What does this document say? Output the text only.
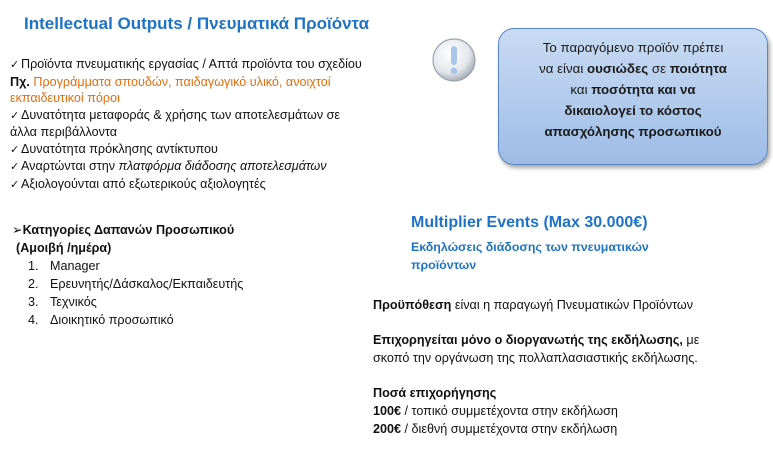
Intellectual Outputs / Πνευματικά Προϊόντα
✓ Προϊόντα πνευματικής εργασίας / Απτά προϊόντα του σχεδίου
Πχ. Προγράμματα σπουδών, παιδαγωγικό υλικό, ανοιχτοί
εκπαιδευτικοί πόροι
✓ Δυνατότητα μεταφοράς & χρήσης των αποτελεσμάτων σε
άλλα περιβάλλοντα
✓ Δυνατότητα πρόκλησης αντίκτυπου
✓ Αναρτώνται στην πλατφόρμα διάδοσης αποτελεσμάτων
✓ Αξιολογούνται από εξωτερικούς αξιολογητές
➢Κατηγορίες Δαπανών Προσωπικού
(Αμοιβή /ημέρα)
1. Manager
2. Ερευνητής/Δάσκαλος/Εκπαιδευτής
3. Τεχνικός
4. Διοικητικό προσωπικό
Το παραγόμενο προϊόν πρέπει
να είναι ουσιώδες σε ποιότητα
και ποσότητα και να
δικαιολογεί το κόστος
απασχόλησης προσωπικού
Multiplier Events (Max 30.000€)
Εκδηλώσεις διάδοσης των πνευματικών προϊόντων
Προϋπόθεση είναι η παραγωγή Πνευματικών Προϊόντων
Επιχορηγείται μόνο ο διοργανωτής της εκδήλωσης, με
σκοπό την οργάνωση της πολλαπλασιαστικής εκδήλωσης.
Ποσά επιχορήγησης
100€ / τοπικό συμμετέχοντα στην εκδήλωση
200€ / διεθνή συμμετέχοντα στην εκδήλωση
